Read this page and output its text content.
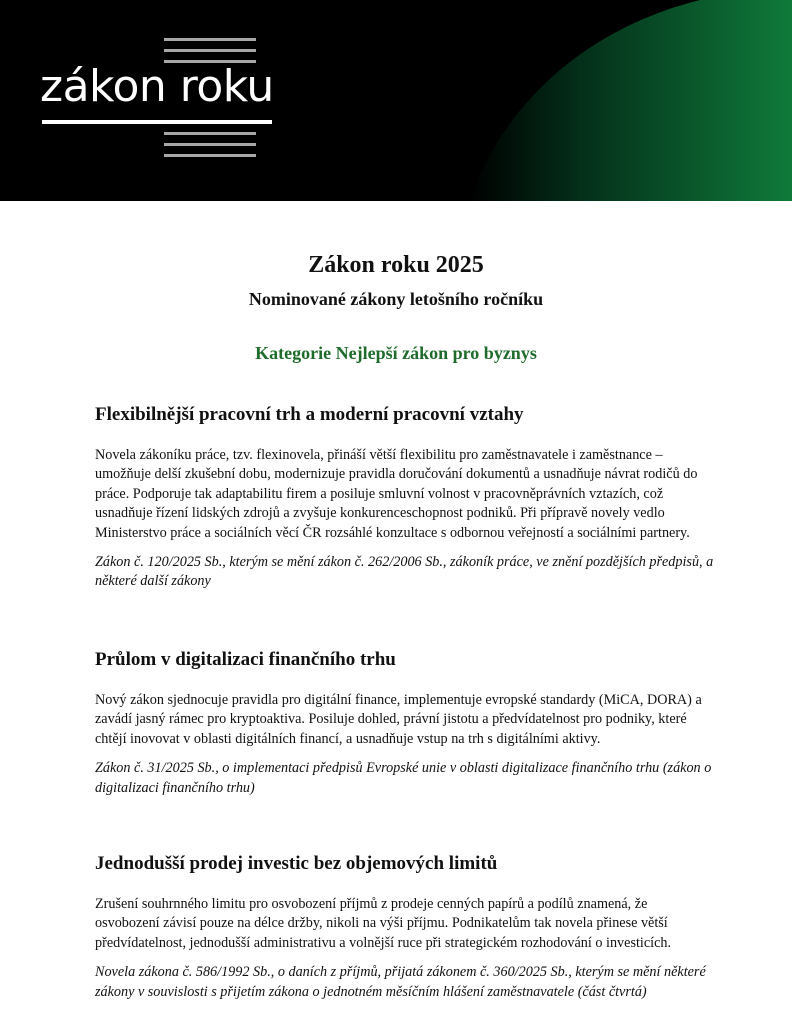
zákon roku
Zákon roku 2025
Nominované zákony letošního ročníku
Kategorie Nejlepší zákon pro byznys
Flexibilnější pracovní trh a moderní pracovní vztahy

Novela zákoníku práce, tzv. flexinovela, přináší větší flexibilitu pro zaměstnavatele i zaměstnance – umožňuje delší zkušební dobu, modernizuje pravidla doručování dokumentů a usnadňuje návrat rodičů do práce. Podporuje tak adaptabilitu firem a posiluje smluvní volnost v pracovněprávních vztazích, což usnadňuje řízení lidských zdrojů a zvyšuje konkurenceschopnost podniků. Při přípravě novely vedlo Ministerstvo práce a sociálních věcí ČR rozsáhlé konzultace s odbornou veřejností a sociálními partnery.

Zákon č. 120/2025 Sb., kterým se mění zákon č. 262/2006 Sb., zákoník práce, ve znění pozdějších předpisů, a některé další zákony

Průlom v digitalizaci finančního trhu

Nový zákon sjednocuje pravidla pro digitální finance, implementuje evropské standardy (MiCA, DORA) a zavádí jasný rámec pro kryptoaktiva. Posiluje dohled, právní jistotu a předvídatelnost pro podniky, které chtějí inovovat v oblasti digitálních financí, a usnadňuje vstup na trh s digitálními aktivy.

Zákon č. 31/2025 Sb., o implementaci předpisů Evropské unie v oblasti digitalizace finančního trhu (zákon o digitalizaci finančního trhu)

Jednodušší prodej investic bez objemových limitů

Zrušení souhrnného limitu pro osvobození příjmů z prodeje cenných papírů a podílů znamená, že osvobození závisí pouze na délce držby, nikoli na výši příjmu. Podnikatelům tak novela přinese větší předvídatelnost, jednodušší administrativu a volnější ruce při strategickém rozhodování o investicích.

Novela zákona č. 586/1992 Sb., o daních z příjmů, přijatá zákonem č. 360/2025 Sb., kterým se mění některé zákony v souvislosti s přijetím zákona o jednotném měsíčním hlášení zaměstnavatele (část čtvrtá)
